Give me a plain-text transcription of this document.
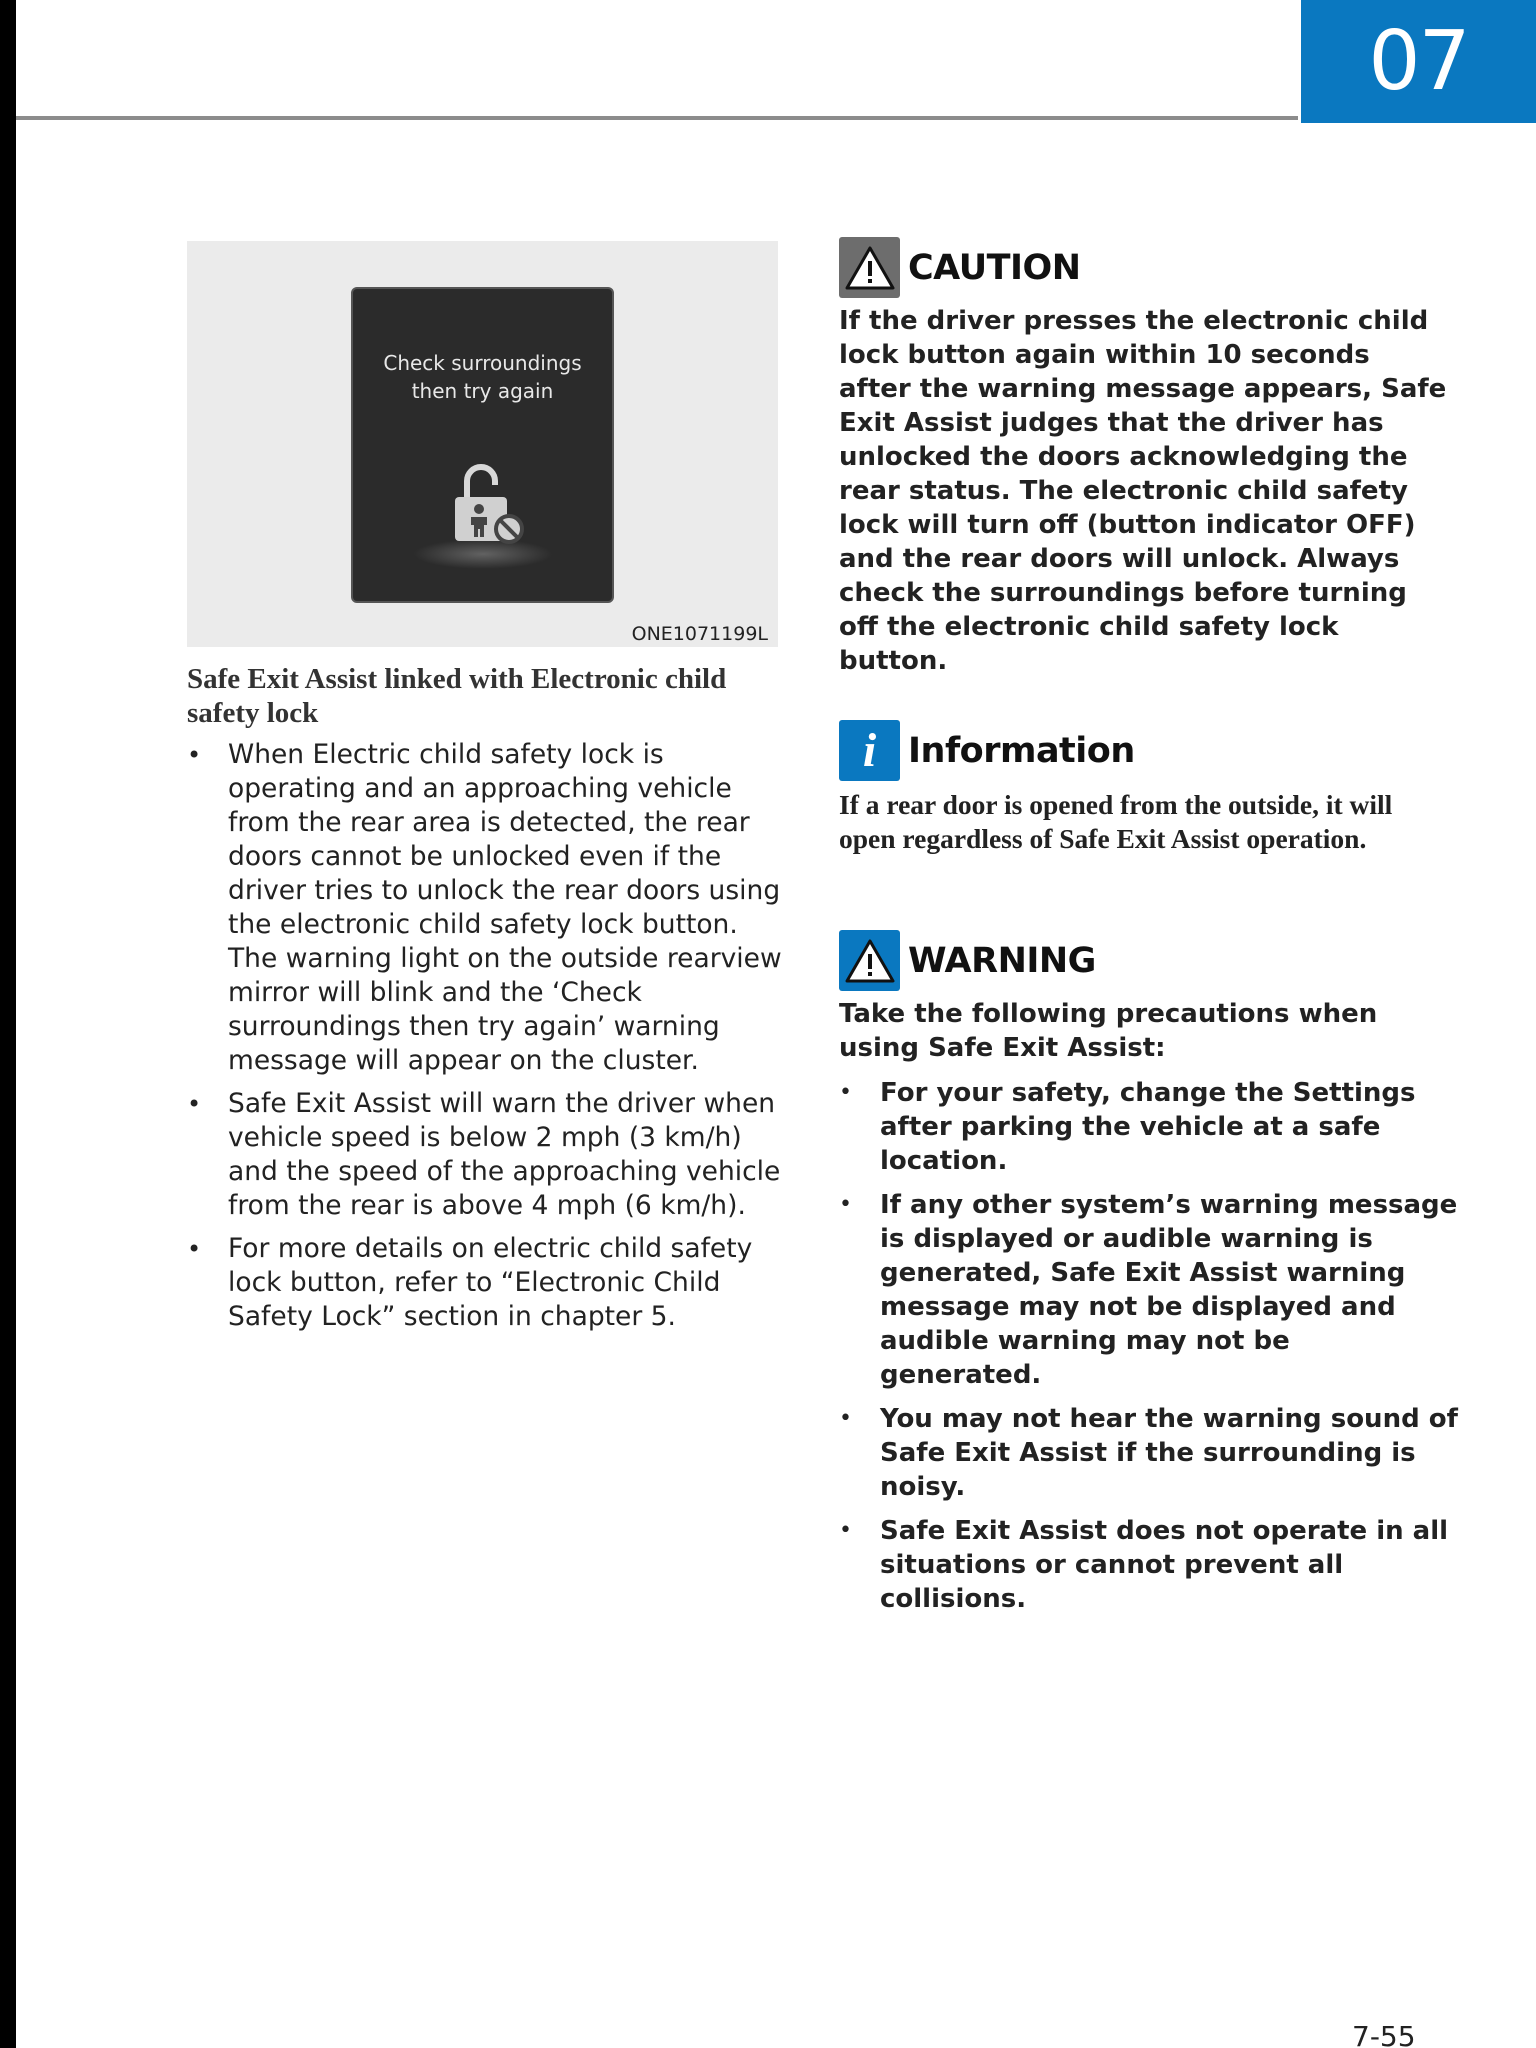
07
Check surroundings
then try again
ONE1071199L
Safe Exit Assist linked with Electronic child safety lock
• When Electric child safety lock is operating and an approaching vehicle from the rear area is detected, the rear doors cannot be unlocked even if the driver tries to unlock the rear doors using the electronic child safety lock button. The warning light on the outside rearview mirror will blink and the ‘Check surroundings then try again’ warning message will appear on the cluster.
• Safe Exit Assist will warn the driver when vehicle speed is below 2 mph (3 km/h) and the speed of the approaching vehicle from the rear is above 4 mph (6 km/h).
• For more details on electric child safety lock button, refer to “Electronic Child Safety Lock” section in chapter 5.
CAUTION
If the driver presses the electronic child lock button again within 10 seconds after the warning message appears, Safe Exit Assist judges that the driver has unlocked the doors acknowledging the rear status. The electronic child safety lock will turn off (button indicator OFF) and the rear doors will unlock. Always check the surroundings before turning off the electronic child safety lock button.
i Information
If a rear door is opened from the outside, it will open regardless of Safe Exit Assist operation.
WARNING
Take the following precautions when using Safe Exit Assist:
• For your safety, change the Settings after parking the vehicle at a safe location.
• If any other system’s warning message is displayed or audible warning is generated, Safe Exit Assist warning message may not be displayed and audible warning may not be generated.
• You may not hear the warning sound of Safe Exit Assist if the surrounding is noisy.
• Safe Exit Assist does not operate in all situations or cannot prevent all collisions.
7-55
